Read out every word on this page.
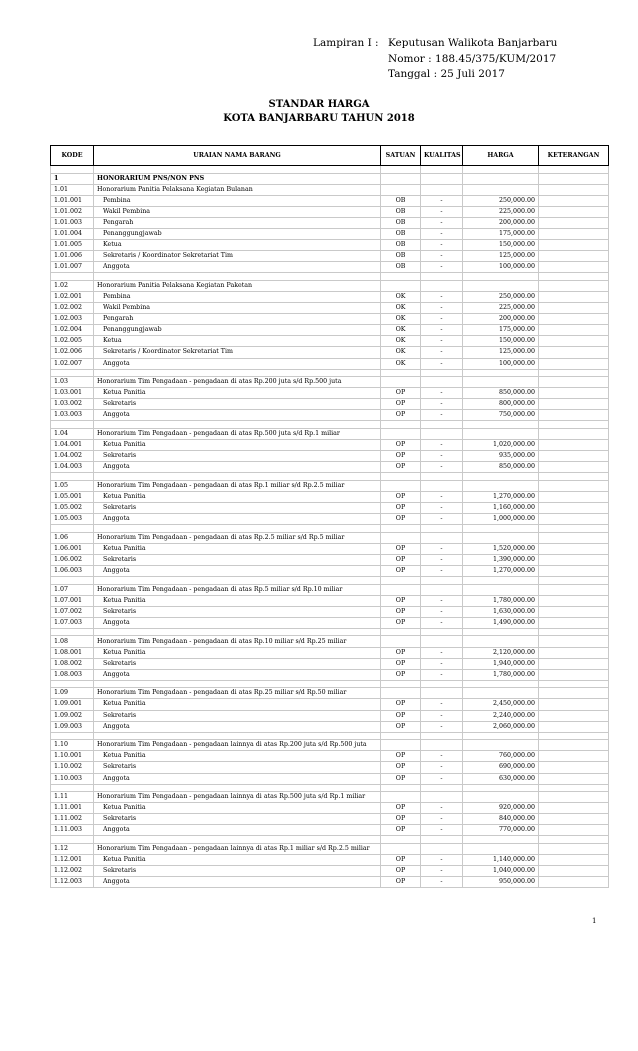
Lampiran I : Keputusan Walikota Banjarbaru
Nomor : 188.45/375/KUM/2017
Tanggal : 25 Juli 2017
STANDAR HARGA
KOTA BANJARBARU TAHUN 2018
KODE	URAIAN NAMA BARANG	SATUAN	KUALITAS	HARGA	KETERANGAN

1	HONORARIUM PNS/NON PNS				
1.01	Honorarium Panitia Pelaksana Kegiatan Bulanan				
1.01.001	Pembina	OB	-	250,000.00	
1.01.002	Wakil Pembina	OB	-	225,000.00	
1.01.003	Pengarah	OB	-	200,000.00	
1.01.004	Penanggungjawab	OB	-	175,000.00	
1.01.005	Ketua	OB	-	150,000.00	
1.01.006	Sekretaris / Koordinator Sekretariat Tim	OB	-	125,000.00	
1.01.007	Anggota	OB	-	100,000.00	

1.02	Honorarium Panitia Pelaksana Kegiatan Paketan				
1.02.001	Pembina	OK	-	250,000.00	
1.02.002	Wakil Pembina	OK	-	225,000.00	
1.02.003	Pengarah	OK	-	200,000.00	
1.02.004	Penanggungjawab	OK	-	175,000.00	
1.02.005	Ketua	OK	-	150,000.00	
1.02.006	Sekretaris / Koordinator Sekretariat Tim	OK	-	125,000.00	
1.02.007	Anggota	OK	-	100,000.00	

1.03	Honorarium Tim Pengadaan - pengadaan di atas Rp.200 juta s/d Rp.500 juta				
1.03.001	Ketua Panitia	OP	-	850,000.00	
1.03.002	Sekretaris	OP	-	800,000.00	
1.03.003	Anggota	OP	-	750,000.00	

1.04	Honorarium Tim Pengadaan - pengadaan di atas Rp.500 juta s/d Rp.1 miliar				
1.04.001	Ketua Panitia	OP	-	1,020,000.00	
1.04.002	Sekretaris	OP	-	935,000.00	
1.04.003	Anggota	OP	-	850,000.00	

1.05	Honorarium Tim Pengadaan - pengadaan di atas Rp.1 miliar s/d Rp.2.5 miliar				
1.05.001	Ketua Panitia	OP	-	1,270,000.00	
1.05.002	Sekretaris	OP	-	1,160,000.00	
1.05.003	Anggota	OP	-	1,000,000.00	

1.06	Honorarium Tim Pengadaan - pengadaan di atas Rp.2.5 miliar s/d Rp.5 miliar				
1.06.001	Ketua Panitia	OP	-	1,520,000.00	
1.06.002	Sekretaris	OP	-	1,390,000.00	
1.06.003	Anggota	OP	-	1,270,000.00	

1.07	Honorarium Tim Pengadaan - pengadaan di atas Rp.5 miliar s/d Rp.10 miliar				
1.07.001	Ketua Panitia	OP	-	1,780,000.00	
1.07.002	Sekretaris	OP	-	1,630,000.00	
1.07.003	Anggota	OP	-	1,490,000.00	

1.08	Honorarium Tim Pengadaan - pengadaan di atas Rp.10 miliar s/d Rp.25 miliar				
1.08.001	Ketua Panitia	OP	-	2,120,000.00	
1.08.002	Sekretaris	OP	-	1,940,000.00	
1.08.003	Anggota	OP	-	1,780,000.00	

1.09	Honorarium Tim Pengadaan - pengadaan di atas Rp.25 miliar s/d Rp.50 miliar				
1.09.001	Ketua Panitia	OP	-	2,450,000.00	
1.09.002	Sekretaris	OP	-	2,240,000.00	
1.09.003	Anggota	OP	-	2,060,000.00	

1.10	Honorarium Tim Pengadaan - pengadaan lainnya di atas Rp.200 juta s/d Rp.500 juta				
1.10.001	Ketua Panitia	OP	-	760,000.00	
1.10.002	Sekretaris	OP	-	690,000.00	
1.10.003	Anggota	OP	-	630,000.00	

1.11	Honorarium Tim Pengadaan - pengadaan lainnya di atas Rp.500 juta s/d Rp.1 miliar				
1.11.001	Ketua Panitia	OP	-	920,000.00	
1.11.002	Sekretaris	OP	-	840,000.00	
1.11.003	Anggota	OP	-	770,000.00	

1.12	Honorarium Tim Pengadaan - pengadaan lainnya di atas Rp.1 miliar s/d Rp.2.5 miliar				
1.12.001	Ketua Panitia	OP	-	1,140,000.00	
1.12.002	Sekretaris	OP	-	1,040,000.00	
1.12.003	Anggota	OP	-	950,000.00	
1
